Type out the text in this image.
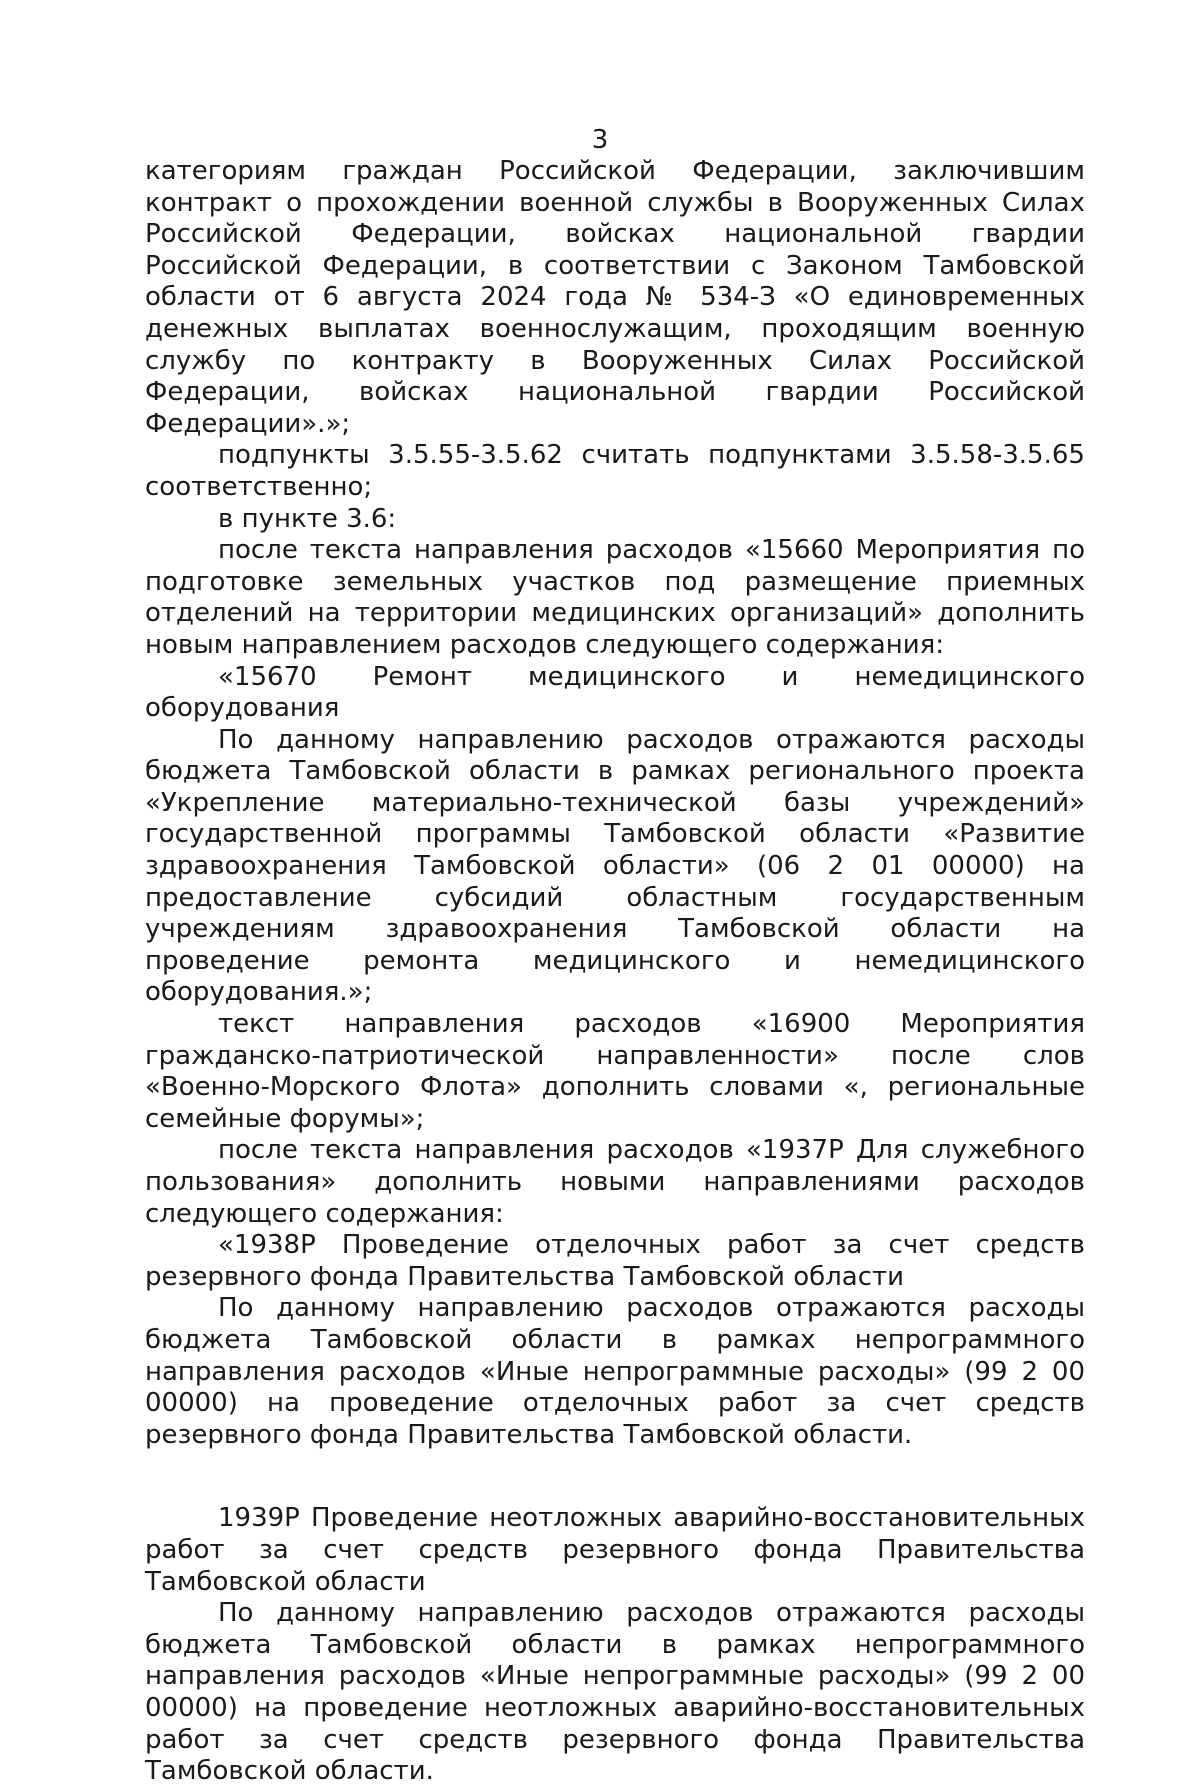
3

категориям граждан Российской Федерации, заключившим контракт о прохождении военной службы в Вооруженных Силах Российской Федерации, войсках национальной гвардии Российской Федерации, в соответствии с Законом Тамбовской области от 6 августа 2024 года № 534-З «О единовременных денежных выплатах военнослужащим, проходящим военную службу по контракту в Вооруженных Силах Российской Федерации, войсках национальной гвардии Российской Федерации».»;

подпункты 3.5.55-3.5.62 считать подпунктами 3.5.58-3.5.65

соответственно;

в пункте 3.6:

после текста направления расходов «15660 Мероприятия по подготовке земельных участков под размещение приемных отделений на территории медицинских организаций» дополнить новым направлением расходов следующего содержания:

«15670 Ремонт медицинского и немедицинского оборудования

По данному направлению расходов отражаются расходы бюджета Тамбовской области в рамках регионального проекта «Укрепление материально-технической базы учреждений» государственной программы Тамбовской области «Развитие здравоохранения Тамбовской области» (06 2 01 00000) на предоставление субсидий областным государственным учреждениям здравоохранения Тамбовской области на проведение ремонта медицинского и немедицинского оборудования.»;

текст направления расходов «16900 Мероприятия гражданско-патриотической направленности» после слов «Военно-Морского Флота» дополнить словами «, региональные семейные форумы»;

после текста направления расходов «1937Р Для служебного пользования» дополнить новыми направлениями расходов следующего содержания:

«1938Р Проведение отделочных работ за счет средств резервного фонда Правительства Тамбовской области

По данному направлению расходов отражаются расходы бюджета Тамбовской области в рамках непрограммного направления расходов «Иные непрограммные расходы» (99 2 00 00000) на проведение отделочных работ за счет средств резервного фонда Правительства Тамбовской области.

1939Р Проведение неотложных аварийно-восстановительных работ за счет средств резервного фонда Правительства Тамбовской области

По данному направлению расходов отражаются расходы бюджета Тамбовской области в рамках непрограммного направления расходов «Иные непрограммные расходы» (99 2 00 00000) на проведение неотложных аварийно-восстановительных работ за счет средств резервного фонда Правительства Тамбовской области.
